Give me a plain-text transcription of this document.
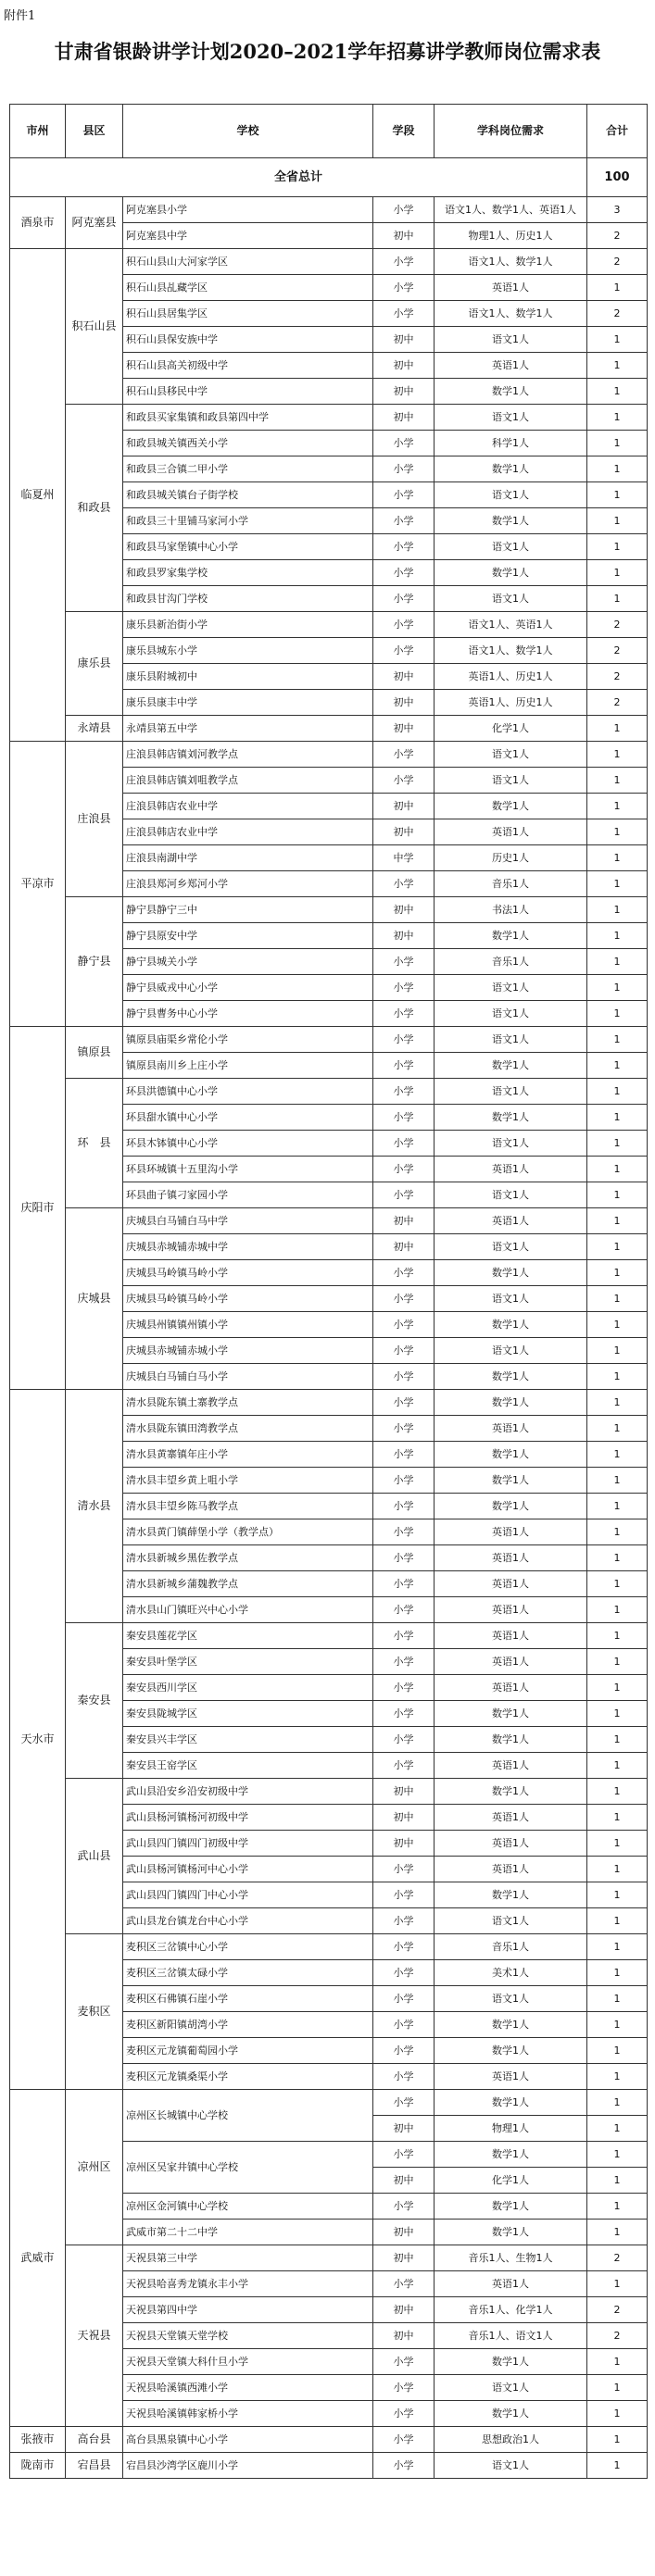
附件1
甘肃省银龄讲学计划2020–2021学年招募讲学教师岗位需求表
市州	县区	学校	学段	学科岗位需求	合计
全省总计					100
酒泉市	阿克塞县	阿克塞县小学	小学	语文1人、数学1人、英语1人	3
		阿克塞县中学	初中	物理1人、历史1人	2
临夏州	积石山县	积石山县山大河家学区	小学	语文1人、数学1人	2
		积石山县乩藏学区	小学	英语1人	1
		积石山县居集学区	小学	语文1人、数学1人	2
		积石山县保安族中学	初中	语文1人	1
		积石山县高关初级中学	初中	英语1人	1
		积石山县移民中学	初中	数学1人	1
	和政县	和政县买家集镇和政县第四中学	初中	语文1人	1
		和政县城关镇西关小学	小学	科学1人	1
		和政县三合镇二甲小学	小学	数学1人	1
		和政县城关镇台子街学校	小学	语文1人	1
		和政县三十里铺马家河小学	小学	数学1人	1
		和政县马家堡镇中心小学	小学	语文1人	1
		和政县罗家集学校	小学	数学1人	1
		和政县甘沟门学校	小学	语文1人	1
	康乐县	康乐县新治街小学	小学	语文1人、英语1人	2
		康乐县城东小学	小学	语文1人、数学1人	2
		康乐县附城初中	初中	英语1人、历史1人	2
		康乐县康丰中学	初中	英语1人、历史1人	2
	永靖县	永靖县第五中学	初中	化学1人	1
平凉市	庄浪县	庄浪县韩店镇刘河教学点	小学	语文1人	1
		庄浪县韩店镇刘咀教学点	小学	语文1人	1
		庄浪县韩店农业中学	初中	数学1人	1
		庄浪县韩店农业中学	初中	英语1人	1
		庄浪县南湖中学	中学	历史1人	1
		庄浪县郑河乡郑河小学	小学	音乐1人	1
	静宁县	静宁县静宁三中	初中	书法1人	1
		静宁县原安中学	初中	数学1人	1
		静宁县城关小学	小学	音乐1人	1
		静宁县威戎中心小学	小学	语文1人	1
		静宁县曹务中心小学	小学	语文1人	1
庆阳市	镇原县	镇原县庙渠乡常伦小学	小学	语文1人	1
		镇原县南川乡上庄小学	小学	数学1人	1
	环　县	环县洪德镇中心小学	小学	语文1人	1
		环县甜水镇中心小学	小学	数学1人	1
		环县木钵镇中心小学	小学	语文1人	1
		环县环城镇十五里沟小学	小学	英语1人	1
		环县曲子镇刁家园小学	小学	语文1人	1
	庆城县	庆城县白马铺白马中学	初中	英语1人	1
		庆城县赤城铺赤城中学	初中	语文1人	1
		庆城县马岭镇马岭小学	小学	数学1人	1
		庆城县马岭镇马岭小学	小学	语文1人	1
		庆城县州镇镇州镇小学	小学	数学1人	1
		庆城县赤城铺赤城小学	小学	语文1人	1
		庆城县白马铺白马小学	小学	数学1人	1
天水市	清水县	清水县陇东镇土寨教学点	小学	数学1人	1
		清水县陇东镇田湾教学点	小学	英语1人	1
		清水县黄寨镇年庄小学	小学	数学1人	1
		清水县丰望乡黄上咀小学	小学	数学1人	1
		清水县丰望乡陈马教学点	小学	数学1人	1
		清水县黄门镇薛堡小学（教学点）	小学	英语1人	1
		清水县新城乡黑佐教学点	小学	英语1人	1
		清水县新城乡蒲魏教学点	小学	英语1人	1
		清水县山门镇旺兴中心小学	小学	英语1人	1
	秦安县	秦安县莲花学区	小学	英语1人	1
		秦安县叶堡学区	小学	英语1人	1
		秦安县西川学区	小学	英语1人	1
		秦安县陇城学区	小学	数学1人	1
		秦安县兴丰学区	小学	数学1人	1
		秦安县王窑学区	小学	英语1人	1
	武山县	武山县沿安乡沿安初级中学	初中	数学1人	1
		武山县杨河镇杨河初级中学	初中	英语1人	1
		武山县四门镇四门初级中学	初中	英语1人	1
		武山县杨河镇杨河中心小学	小学	英语1人	1
		武山县四门镇四门中心小学	小学	数学1人	1
		武山县龙台镇龙台中心小学	小学	语文1人	1
	麦积区	麦积区三岔镇中心小学	小学	音乐1人	1
		麦积区三岔镇太碌小学	小学	美术1人	1
		麦积区石佛镇石崖小学	小学	语文1人	1
		麦积区新阳镇胡湾小学	小学	数学1人	1
		麦积区元龙镇葡萄园小学	小学	数学1人	1
		麦积区元龙镇桑渠小学	小学	英语1人	1
武威市	凉州区	凉州区长城镇中心学校	小学	数学1人	1
			初中	物理1人	1
		凉州区吴家井镇中心学校	小学	数学1人	1
			初中	化学1人	1
		凉州区金河镇中心学校	小学	数学1人	1
		武威市第二十二中学	初中	数学1人	1
	天祝县	天祝县第三中学	初中	音乐1人、生物1人	2
		天祝县哈喜秀龙镇永丰小学	小学	英语1人	1
		天祝县第四中学	初中	音乐1人、化学1人	2
		天祝县天堂镇天堂学校	初中	音乐1人、语文1人	2
		天祝县天堂镇大科什旦小学	小学	数学1人	1
		天祝县哈溪镇西滩小学	小学	语文1人	1
		天祝县哈溪镇韩家桥小学	小学	数学1人	1
张掖市	高台县	高台县黑泉镇中心小学	小学	思想政治1人	1
陇南市	宕昌县	宕昌县沙湾学区鹿川小学	小学	语文1人	1
